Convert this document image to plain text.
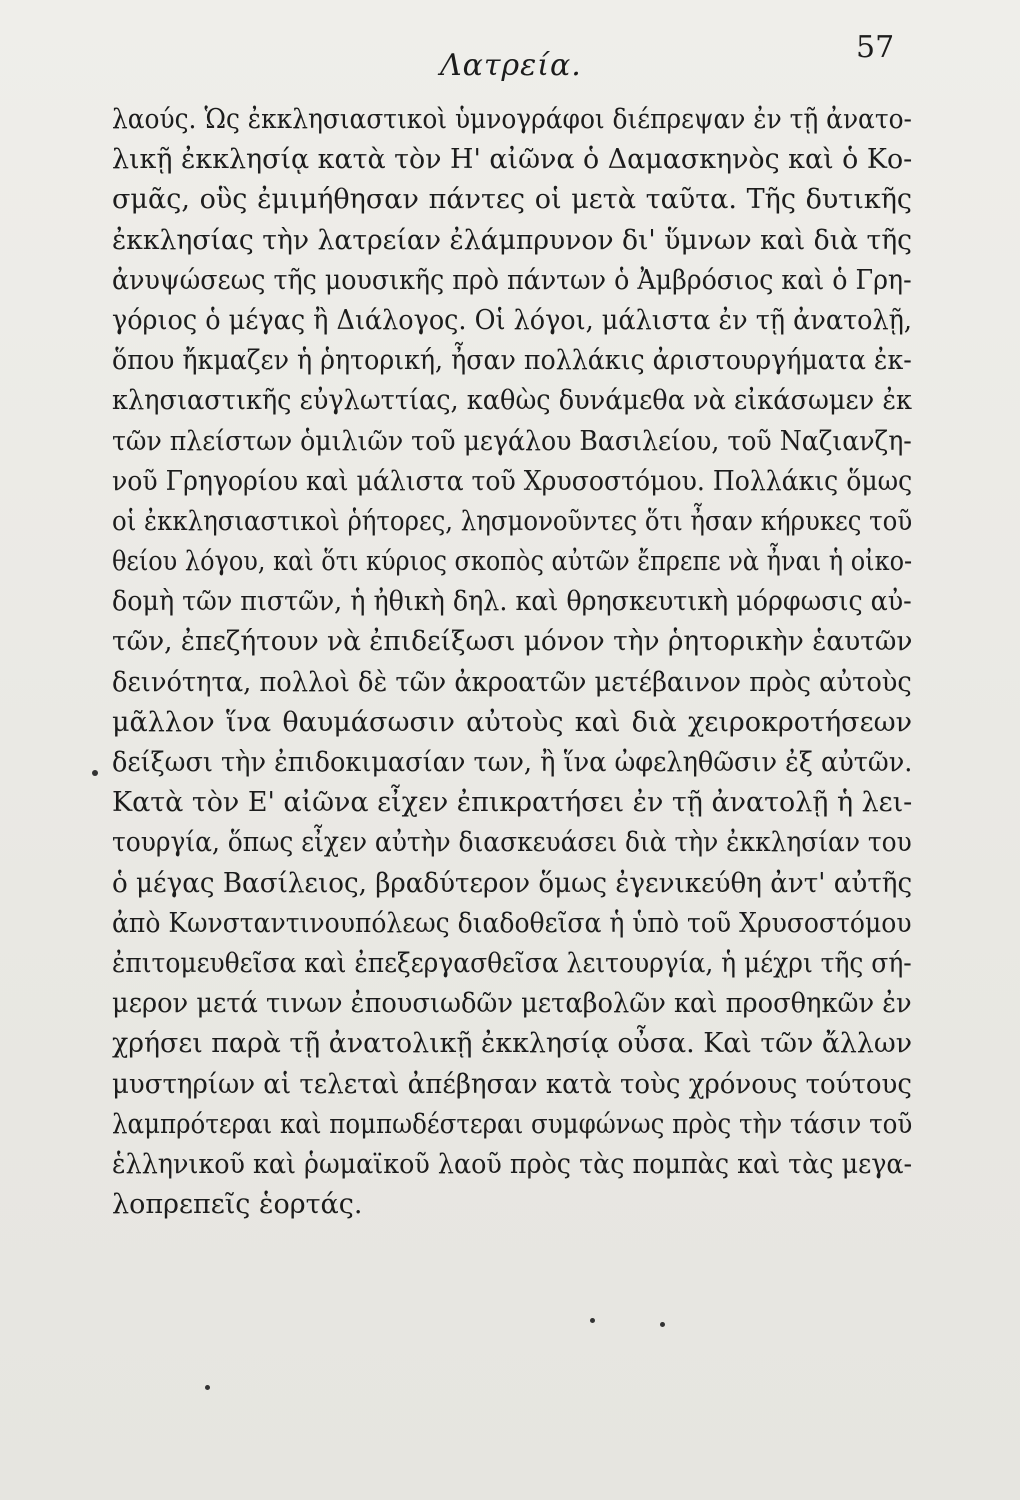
Λατρεία.
57
λαούς. Ὡς ἐκκλησιαστικοὶ ὑμνογράφοι διέπρεψαν ἐν τῇ ἀνατο-
λικῇ ἐκκλησίᾳ κατὰ τὸν Η' αἰῶνα ὁ Δαμασκηνὸς καὶ ὁ Κο-
σμᾶς, οὓς ἐμιμήθησαν πάντες οἱ μετὰ ταῦτα. Τῆς δυτικῆς
ἐκκλησίας τὴν λατρείαν ἐλάμπρυνον δι' ὕμνων καὶ διὰ τῆς
ἀνυψώσεως τῆς μουσικῆς πρὸ πάντων ὁ Ἀμβρόσιος καὶ ὁ Γρη-
γόριος ὁ μέγας ἢ Διάλογος. Οἱ λόγοι, μάλιστα ἐν τῇ ἀνατολῇ,
ὅπου ἤκμαζεν ἡ ῥητορική, ἦσαν πολλάκις ἀριστουργήματα ἐκ-
κλησιαστικῆς εὐγλωττίας, καθὼς δυνάμεθα νὰ εἰκάσωμεν ἐκ
τῶν πλείστων ὁμιλιῶν τοῦ μεγάλου Βασιλείου, τοῦ Ναζιανζη-
νοῦ Γρηγορίου καὶ μάλιστα τοῦ Χρυσοστόμου. Πολλάκις ὅμως
οἱ ἐκκλησιαστικοὶ ῥήτορες, λησμονοῦντες ὅτι ἦσαν κήρυκες τοῦ
θείου λόγου, καὶ ὅτι κύριος σκοπὸς αὐτῶν ἔπρεπε νὰ ἦναι ἡ οἰκο-
δομὴ τῶν πιστῶν, ἡ ἠθικὴ δηλ. καὶ θρησκευτικὴ μόρφωσις αὐ-
τῶν, ἐπεζήτουν νὰ ἐπιδείξωσι μόνον τὴν ῥητορικὴν ἑαυτῶν
δεινότητα, πολλοὶ δὲ τῶν ἀκροατῶν μετέβαινον πρὸς αὐτοὺς
μᾶλλον ἵνα θαυμάσωσιν αὐτοὺς καὶ διὰ χειροκροτήσεων
δείξωσι τὴν ἐπιδοκιμασίαν των, ἢ ἵνα ὠφεληθῶσιν ἐξ αὐτῶν.
Κατὰ τὸν Ε' αἰῶνα εἶχεν ἐπικρατήσει ἐν τῇ ἀνατολῇ ἡ λει-
τουργία, ὅπως εἶχεν αὐτὴν διασκευάσει διὰ τὴν ἐκκλησίαν του
ὁ μέγας Βασίλειος, βραδύτερον ὅμως ἐγενικεύθη ἀντ' αὐτῆς
ἀπὸ Κωνσταντινουπόλεως διαδοθεῖσα ἡ ὑπὸ τοῦ Χρυσοστόμου
ἐπιτομευθεῖσα καὶ ἐπεξεργασθεῖσα λειτουργία, ἡ μέχρι τῆς σή-
μερον μετά τινων ἐπουσιωδῶν μεταβολῶν καὶ προσθηκῶν ἐν
χρήσει παρὰ τῇ ἀνατολικῇ ἐκκλησίᾳ οὖσα. Καὶ τῶν ἄλλων
μυστηρίων αἱ τελεταὶ ἀπέβησαν κατὰ τοὺς χρόνους τούτους
λαμπρότεραι καὶ πομπωδέστεραι συμφώνως πρὸς τὴν τάσιν τοῦ
ἑλληνικοῦ καὶ ῥωμαϊκοῦ λαοῦ πρὸς τὰς πομπὰς καὶ τὰς μεγα-
λοπρεπεῖς ἑορτάς.
